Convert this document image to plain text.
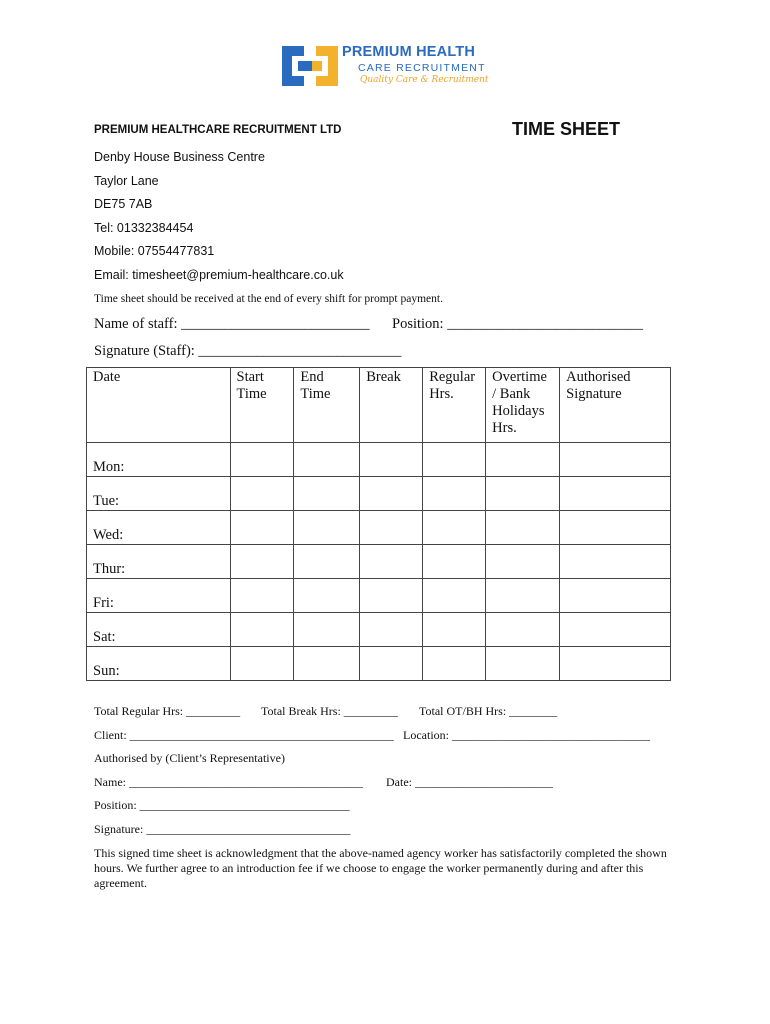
PREMIUM HEALTH
CARE RECRUITMENT
Quality Care & Recruitment
PREMIUM HEALTHCARE RECRUITMENT LTD	TIME SHEET
Denby House Business Centre
Taylor Lane
DE75 7AB
Tel: 01332384454
Mobile: 07554477831
Email: timesheet@premium-healthcare.co.uk
Time sheet should be received at the end of every shift for prompt payment.
Name of staff: __________________________ Position: ___________________________
Signature (Staff): ____________________________
Date	Start Time	End Time	Break	Regular Hrs.	Overtime / Bank Holidays Hrs.	Authorised Signature
Mon:						
Tue:						
Wed:						
Thur:						
Fri:						
Sat:						
Sun:						
Total Regular Hrs: _________ Total Break Hrs: _________ Total OT/BH Hrs: ________
Client: ____________________________________________ Location: _________________________________
Authorised by (Client’s Representative)
Name: _______________________________________ Date: _______________________
Position: ___________________________________
Signature: __________________________________
This signed time sheet is acknowledgment that the above-named agency worker has satisfactorily completed the shown hours. We further agree to an introduction fee if we choose to engage the worker permanently during and after this agreement.
